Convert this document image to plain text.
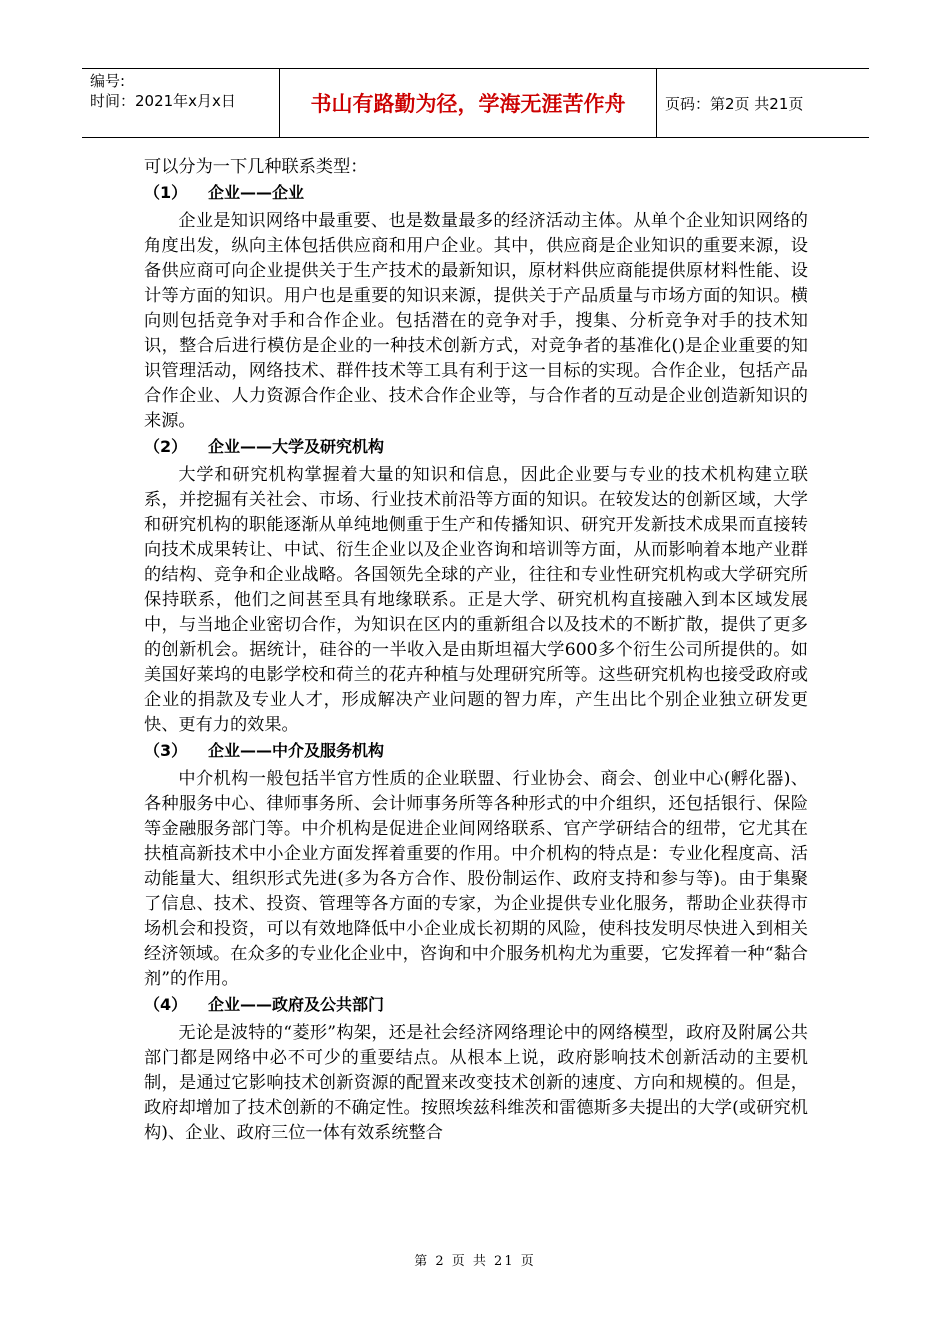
编号:
时间：2021年x月x日	书山有路勤为径，学海无涯苦作舟	页码：第2页 共21页

可以分为一下几种联系类型：

（1） 企业——企业

企业是知识网络中最重要、也是数量最多的经济活动主体。从单个企业知识网络的角度出发，纵向主体包括供应商和用户企业。其中，供应商是企业知识的重要来源，设备供应商可向企业提供关于生产技术的最新知识，原材料供应商能提供原材料性能、设计等方面的知识。用户也是重要的知识来源，提供关于产品质量与市场方面的知识。横向则包括竞争对手和合作企业。包括潜在的竞争对手，搜集、分析竞争对手的技术知识，整合后进行模仿是企业的一种技术创新方式，对竞争者的基准化()是企业重要的知识管理活动，网络技术、群件技术等工具有利于这一目标的实现。合作企业，包括产品合作企业、人力资源合作企业、技术合作企业等，与合作者的互动是企业创造新知识的来源。

（2） 企业——大学及研究机构

大学和研究机构掌握着大量的知识和信息，因此企业要与专业的技术机构建立联系，并挖掘有关社会、市场、行业技术前沿等方面的知识。在较发达的创新区域，大学和研究机构的职能逐渐从单纯地侧重于生产和传播知识、研究开发新技术成果而直接转向技术成果转让、中试、衍生企业以及企业咨询和培训等方面，从而影响着本地产业群的结构、竞争和企业战略。各国领先全球的产业，往往和专业性研究机构或大学研究所保持联系，他们之间甚至具有地缘联系。正是大学、研究机构直接融入到本区域发展中，与当地企业密切合作，为知识在区内的重新组合以及技术的不断扩散，提供了更多的创新机会。据统计，硅谷的一半收入是由斯坦福大学600多个衍生公司所提供的。如美国好莱坞的电影学校和荷兰的花卉种植与处理研究所等。这些研究机构也接受政府或企业的捐款及专业人才，形成解决产业问题的智力库，产生出比个别企业独立研发更快、更有力的效果。

（3） 企业——中介及服务机构

中介机构一般包括半官方性质的企业联盟、行业协会、商会、创业中心(孵化器)、各种服务中心、律师事务所、会计师事务所等各种形式的中介组织，还包括银行、保险等金融服务部门等。中介机构是促进企业间网络联系、官产学研结合的纽带，它尤其在扶植高新技术中小企业方面发挥着重要的作用。中介机构的特点是：专业化程度高、活动能量大、组织形式先进(多为各方合作、股份制运作、政府支持和参与等)。由于集聚了信息、技术、投资、管理等各方面的专家，为企业提供专业化服务，帮助企业获得市场机会和投资，可以有效地降低中小企业成长初期的风险，使科技发明尽快进入到相关经济领域。在众多的专业化企业中，咨询和中介服务机构尤为重要，它发挥着一种“黏合剂”的作用。

（4） 企业——政府及公共部门

无论是波特的“菱形”构架，还是社会经济网络理论中的网络模型，政府及附属公共部门都是网络中必不可少的重要结点。从根本上说，政府影响技术创新活动的主要机制，是通过它影响技术创新资源的配置来改变技术创新的速度、方向和规模的。但是，政府却增加了技术创新的不确定性。按照埃兹科维茨和雷德斯多夫提出的大学(或研究机构)、企业、政府三位一体有效系统整合

第 2 页 共 21 页
